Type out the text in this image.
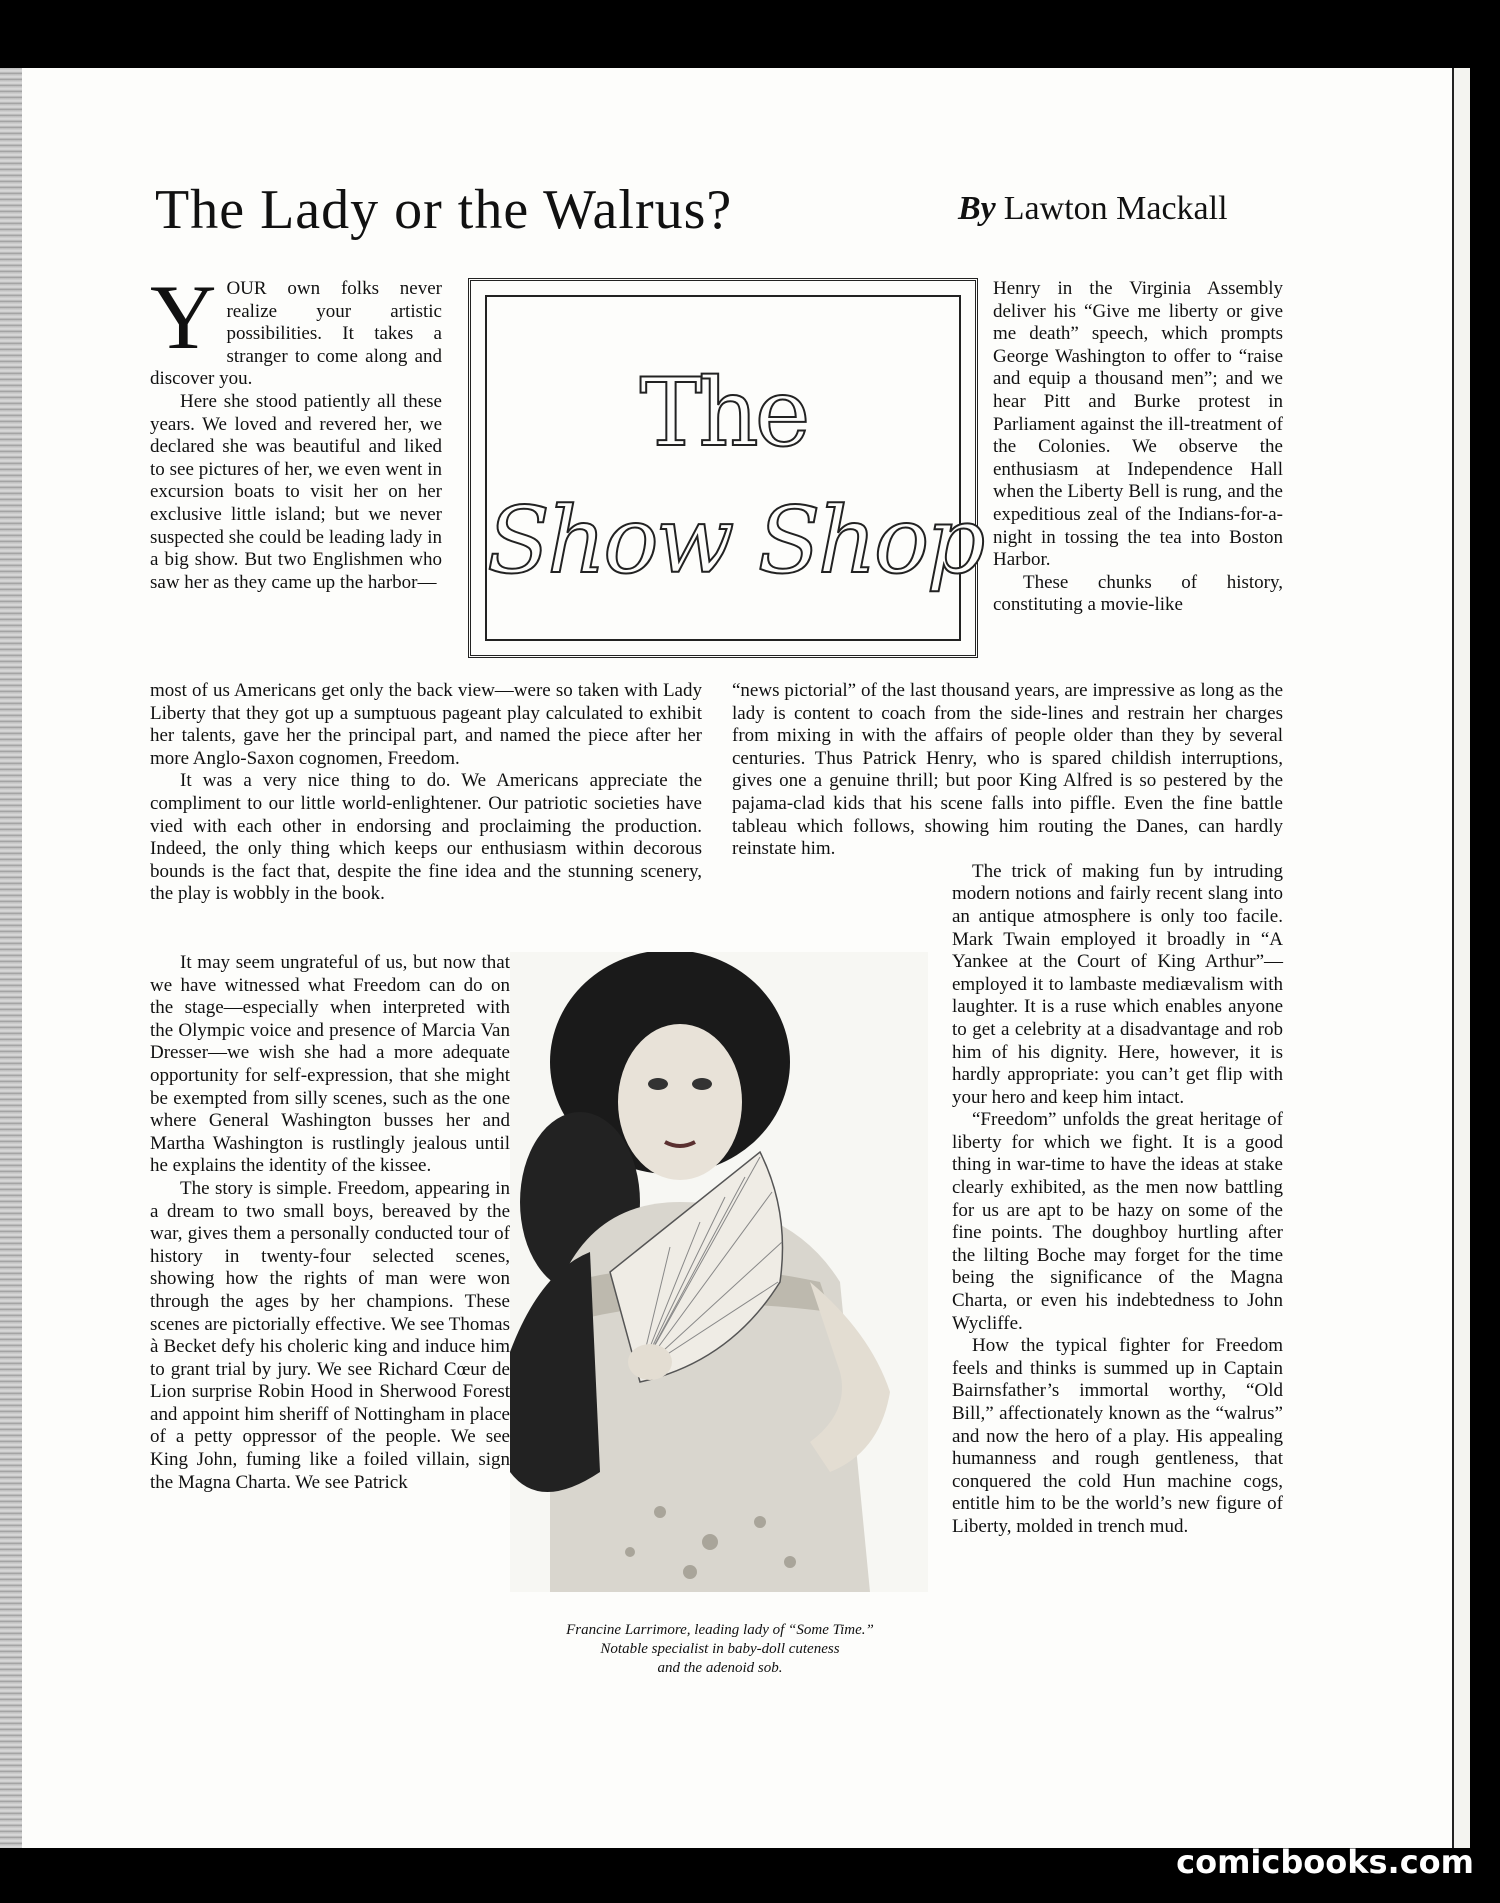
The Lady or the Walrus?	By Lawton Mackall

YOUR own folks never realize your artistic possibilities. It takes a stranger to come along and discover you.

Here she stood patiently all these years. We loved and revered her, we declared she was beautiful and liked to see pictures of her, we even went in excursion boats to visit her on her exclusive little island; but we never suspected she could be leading lady in a big show. But two Englishmen who saw her as they came up the harbor—

most of us Americans get only the back view—were so taken with Lady Liberty that they got up a sumptuous pageant play calculated to exhibit her talents, gave her the principal part, and named the piece after her more Anglo-Saxon cognomen, Freedom.

It was a very nice thing to do. We Americans appreciate the compliment to our little world-enlightener. Our patriotic societies have vied with each other in endorsing and proclaiming the production. Indeed, the only thing which keeps our enthusiasm within decorous bounds is the fact that, despite the fine idea and the stunning scenery, the play is wobbly in the book.

It may seem ungrateful of us, but now that we have witnessed what Freedom can do on the stage—especially when interpreted with the Olympic voice and presence of Marcia Van Dresser—we wish she had a more adequate opportunity for self-expression, that she might be exempted from silly scenes, such as the one where General Washington busses her and Martha Washington is rustlingly jealous until he explains the identity of the kissee.

The story is simple. Freedom, appearing in a dream to two small boys, bereaved by the war, gives them a personally conducted tour of history in twenty-four selected scenes, showing how the rights of man were won through the ages by her champions. These scenes are pictorially effective. We see Thomas à Becket defy his choleric king and induce him to grant trial by jury. We see Richard Cœur de Lion surprise Robin Hood in Sherwood Forest and appoint him sheriff of Nottingham in place of a petty oppressor of the people. We see King John, fuming like a foiled villain, sign the Magna Charta. We see Patrick

The
Show Shop

Henry in the Virginia Assembly deliver his “Give me liberty or give me death” speech, which prompts George Washington to offer to “raise and equip a thousand men”; and we hear Pitt and Burke protest in Parliament against the ill-treatment of the Colonies. We observe the enthusiasm at Independence Hall when the Liberty Bell is rung, and the expeditious zeal of the Indians-for-a-night in tossing the tea into Boston Harbor.

These chunks of history, constituting a movie-like

“news pictorial” of the last thousand years, are impressive as long as the lady is content to coach from the side-lines and restrain her charges from mixing in with the affairs of people older than they by several centuries. Thus Patrick Henry, who is spared childish interruptions, gives one a genuine thrill; but poor King Alfred is so pestered by the pajama-clad kids that his scene falls into piffle. Even the fine battle tableau which follows, showing him routing the Danes, can hardly reinstate him.

The trick of making fun by intruding modern notions and fairly recent slang into an antique atmosphere is only too facile. Mark Twain employed it broadly in “A Yankee at the Court of King Arthur”—employed it to lambaste mediævalism with laughter. It is a ruse which enables anyone to get a celebrity at a disadvantage and rob him of his dignity. Here, however, it is hardly appropriate: you can’t get flip with your hero and keep him intact.

“Freedom” unfolds the great heritage of liberty for which we fight. It is a good thing in war-time to have the ideas at stake clearly exhibited, as the men now battling for us are apt to be hazy on some of the fine points. The doughboy hurtling after the lilting Boche may forget for the time being the significance of the Magna Charta, or even his indebtedness to John Wycliffe.

How the typical fighter for Freedom feels and thinks is summed up in Captain Bairnsfather’s immortal worthy, “Old Bill,” affectionately known as the “walrus” and now the hero of a play. His appealing humanness and rough gentleness, that conquered the cold Hun machine cogs, entitle him to be the world’s new figure of Liberty, molded in trench mud.

Francine Larrimore, leading lady of “Some Time.”
Notable specialist in baby-doll cuteness
and the adenoid sob.
comicbooks.com
